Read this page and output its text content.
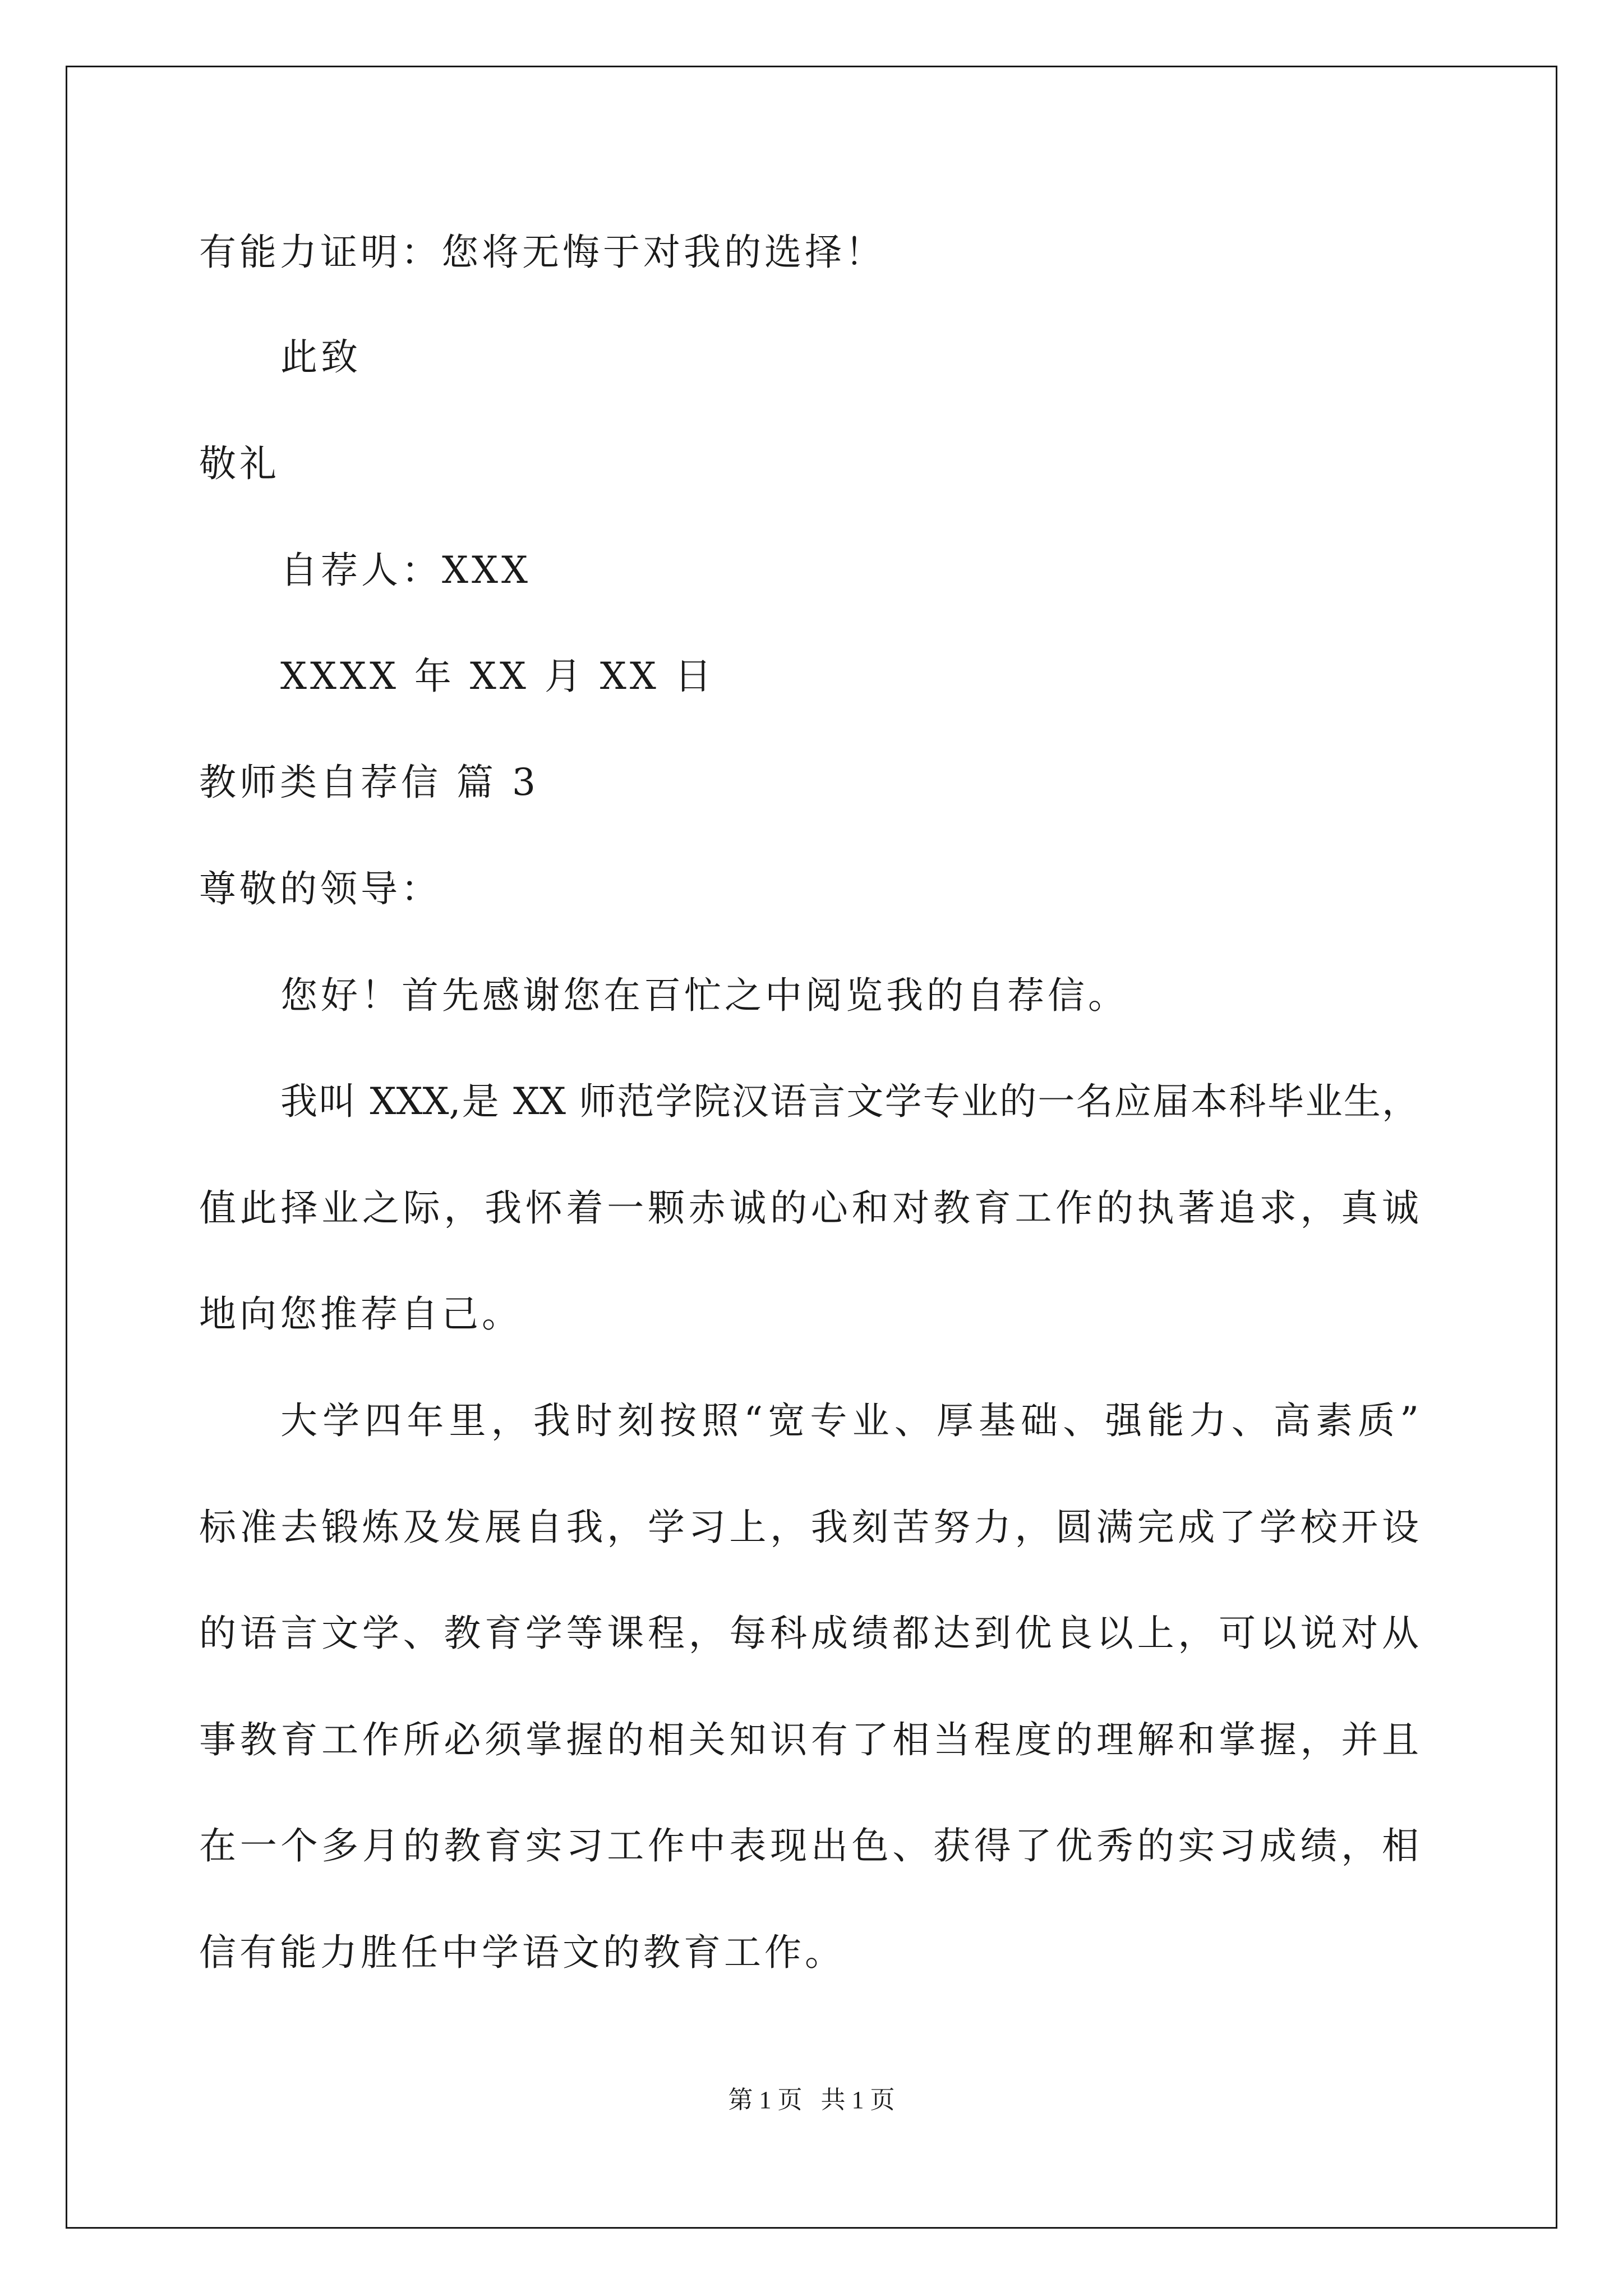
有能力证明：您将无悔于对我的选择！
此致
敬礼
自荐人：XXX
XXXX 年 XX 月 XX 日
教师类自荐信 篇 3
尊敬的领导：
您好！首先感谢您在百忙之中阅览我的自荐信。
我叫 XXX,是 XX 师范学院汉语言文学专业的一名应届本科毕业生，
值此择业之际，我怀着一颗赤诚的心和对教育工作的执著追求，真诚
地向您推荐自己。
大学四年里，我时刻按照“宽专业、厚基础、强能力、高素质”
标准去锻炼及发展自我，学习上，我刻苦努力，圆满完成了学校开设
的语言文学、教育学等课程，每科成绩都达到优良以上，可以说对从
事教育工作所必须掌握的相关知识有了相当程度的理解和掌握，并且
在一个多月的教育实习工作中表现出色、获得了优秀的实习成绩，相
信有能力胜任中学语文的教育工作。
第 1 页   共 1 页
